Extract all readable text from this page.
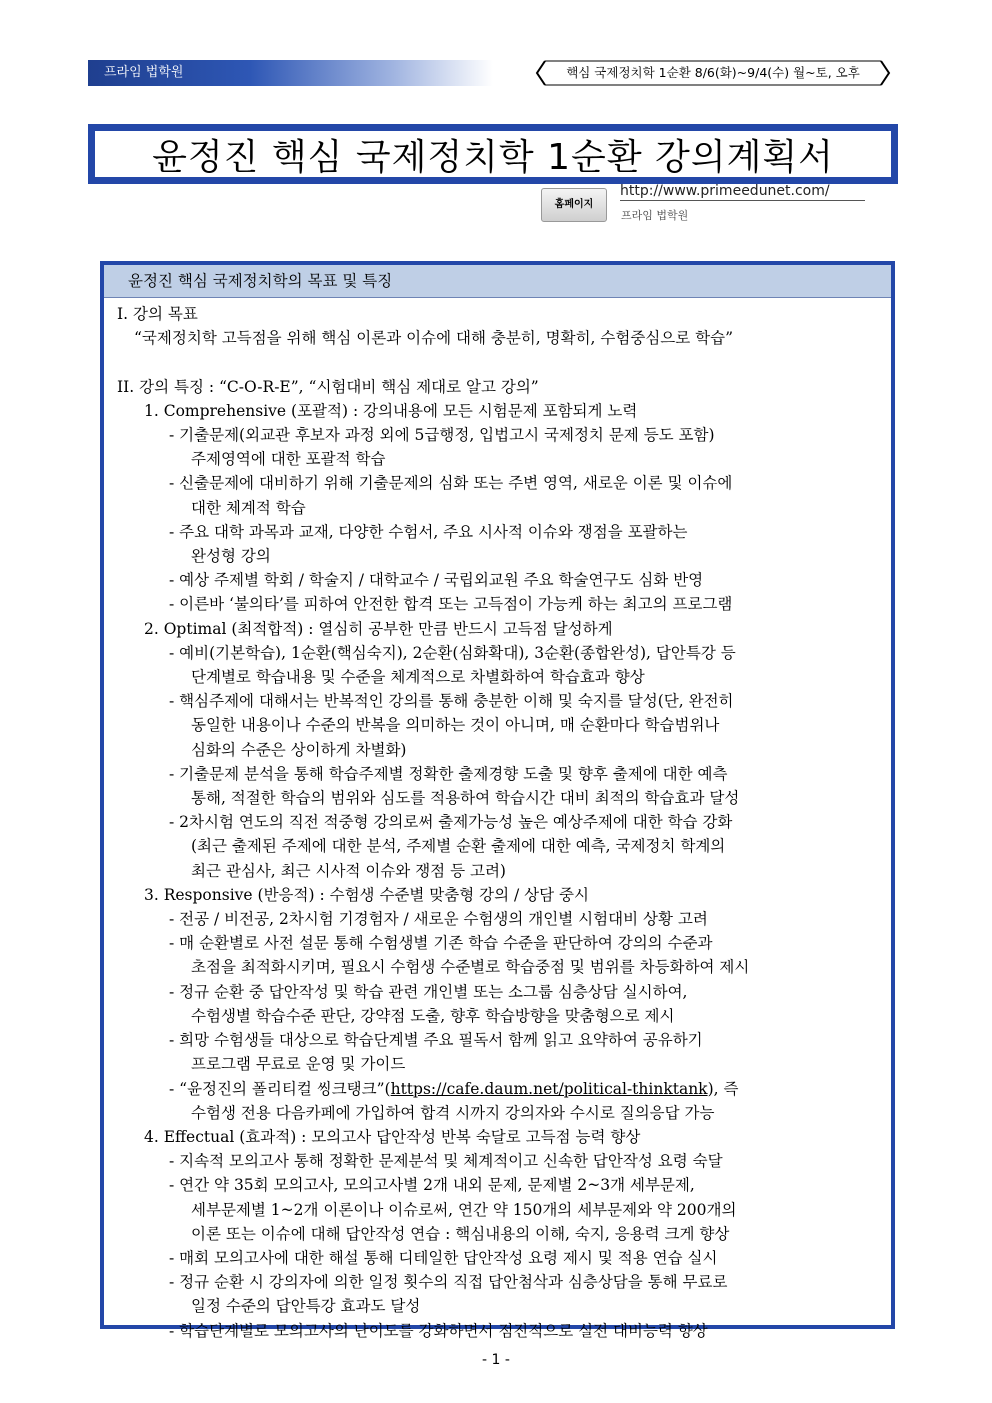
프라임 법학원	핵심 국제정치학 1순환 8/6(화)~9/4(수) 월~토, 오후
윤정진 핵심 국제정치학 1순환 강의계획서
홈페이지
http://www.primeedunet.com/
프라임 법학원
윤정진 핵심 국제정치학의 목표 및 특징
I. 강의 목표
“국제정치학 고득점을 위해 핵심 이론과 이슈에 대해 충분히, 명확히, 수험중심으로 학습”

II. 강의 특징 : “C-O-R-E”, “시험대비 핵심 제대로 알고 강의”
1. Comprehensive (포괄적) : 강의내용에 모든 시험문제 포함되게 노력
- 기출문제(외교관 후보자 과정 외에 5급행정, 입법고시 국제정치 문제 등도 포함)
주제영역에 대한 포괄적 학습
- 신출문제에 대비하기 위해 기출문제의 심화 또는 주변 영역, 새로운 이론 및 이슈에
대한 체계적 학습
- 주요 대학 과목과 교재, 다양한 수험서, 주요 시사적 이슈와 쟁점을 포괄하는
완성형 강의
- 예상 주제별 학회 / 학술지 / 대학교수 / 국립외교원 주요 학술연구도 심화 반영
- 이른바 ‘불의타’를 피하여 안전한 합격 또는 고득점이 가능케 하는 최고의 프로그램
2. Optimal (최적합적) : 열심히 공부한 만큼 반드시 고득점 달성하게
- 예비(기본학습), 1순환(핵심숙지), 2순환(심화확대), 3순환(종합완성), 답안특강 등
단계별로 학습내용 및 수준을 체계적으로 차별화하여 학습효과 향상
- 핵심주제에 대해서는 반복적인 강의를 통해 충분한 이해 및 숙지를 달성(단, 완전히
동일한 내용이나 수준의 반복을 의미하는 것이 아니며, 매 순환마다 학습범위나
심화의 수준은 상이하게 차별화)
- 기출문제 분석을 통해 학습주제별 정확한 출제경향 도출 및 향후 출제에 대한 예측
통해, 적절한 학습의 범위와 심도를 적용하여 학습시간 대비 최적의 학습효과 달성
- 2차시험 연도의 직전 적중형 강의로써 출제가능성 높은 예상주제에 대한 학습 강화
(최근 출제된 주제에 대한 분석, 주제별 순환 출제에 대한 예측, 국제정치 학계의
최근 관심사, 최근 시사적 이슈와 쟁점 등 고려)
3. Responsive (반응적) : 수험생 수준별 맞춤형 강의 / 상담 중시
- 전공 / 비전공, 2차시험 기경험자 / 새로운 수험생의 개인별 시험대비 상황 고려
- 매 순환별로 사전 설문 통해 수험생별 기존 학습 수준을 판단하여 강의의 수준과
초점을 최적화시키며, 필요시 수험생 수준별로 학습중점 및 범위를 차등화하여 제시
- 정규 순환 중 답안작성 및 학습 관련 개인별 또는 소그룹 심층상담 실시하여,
수험생별 학습수준 판단, 강약점 도출, 향후 학습방향을 맞춤형으로 제시
- 희망 수험생들 대상으로 학습단계별 주요 필독서 함께 읽고 요약하여 공유하기
프로그램 무료로 운영 및 가이드
- “윤정진의 폴리티컬 씽크탱크”(https://cafe.daum.net/political-thinktank), 즉
수험생 전용 다음카페에 가입하여 합격 시까지 강의자와 수시로 질의응답 가능
4. Effectual (효과적) : 모의고사 답안작성 반복 숙달로 고득점 능력 향상
- 지속적 모의고사 통해 정확한 문제분석 및 체계적이고 신속한 답안작성 요령 숙달
- 연간 약 35회 모의고사, 모의고사별 2개 내외 문제, 문제별 2~3개 세부문제,
세부문제별 1~2개 이론이나 이슈로써, 연간 약 150개의 세부문제와 약 200개의
이론 또는 이슈에 대해 답안작성 연습 : 핵심내용의 이해, 숙지, 응용력 크게 향상
- 매회 모의고사에 대한 해설 통해 디테일한 답안작성 요령 제시 및 적용 연습 실시
- 정규 순환 시 강의자에 의한 일정 횟수의 직접 답안첨삭과 심층상담을 통해 무료로
일정 수준의 답안특강 효과도 달성
- 학습단계별로 모의고사의 난이도를 강화하면서 점진적으로 실전 대비능력 향상
- 1 -
